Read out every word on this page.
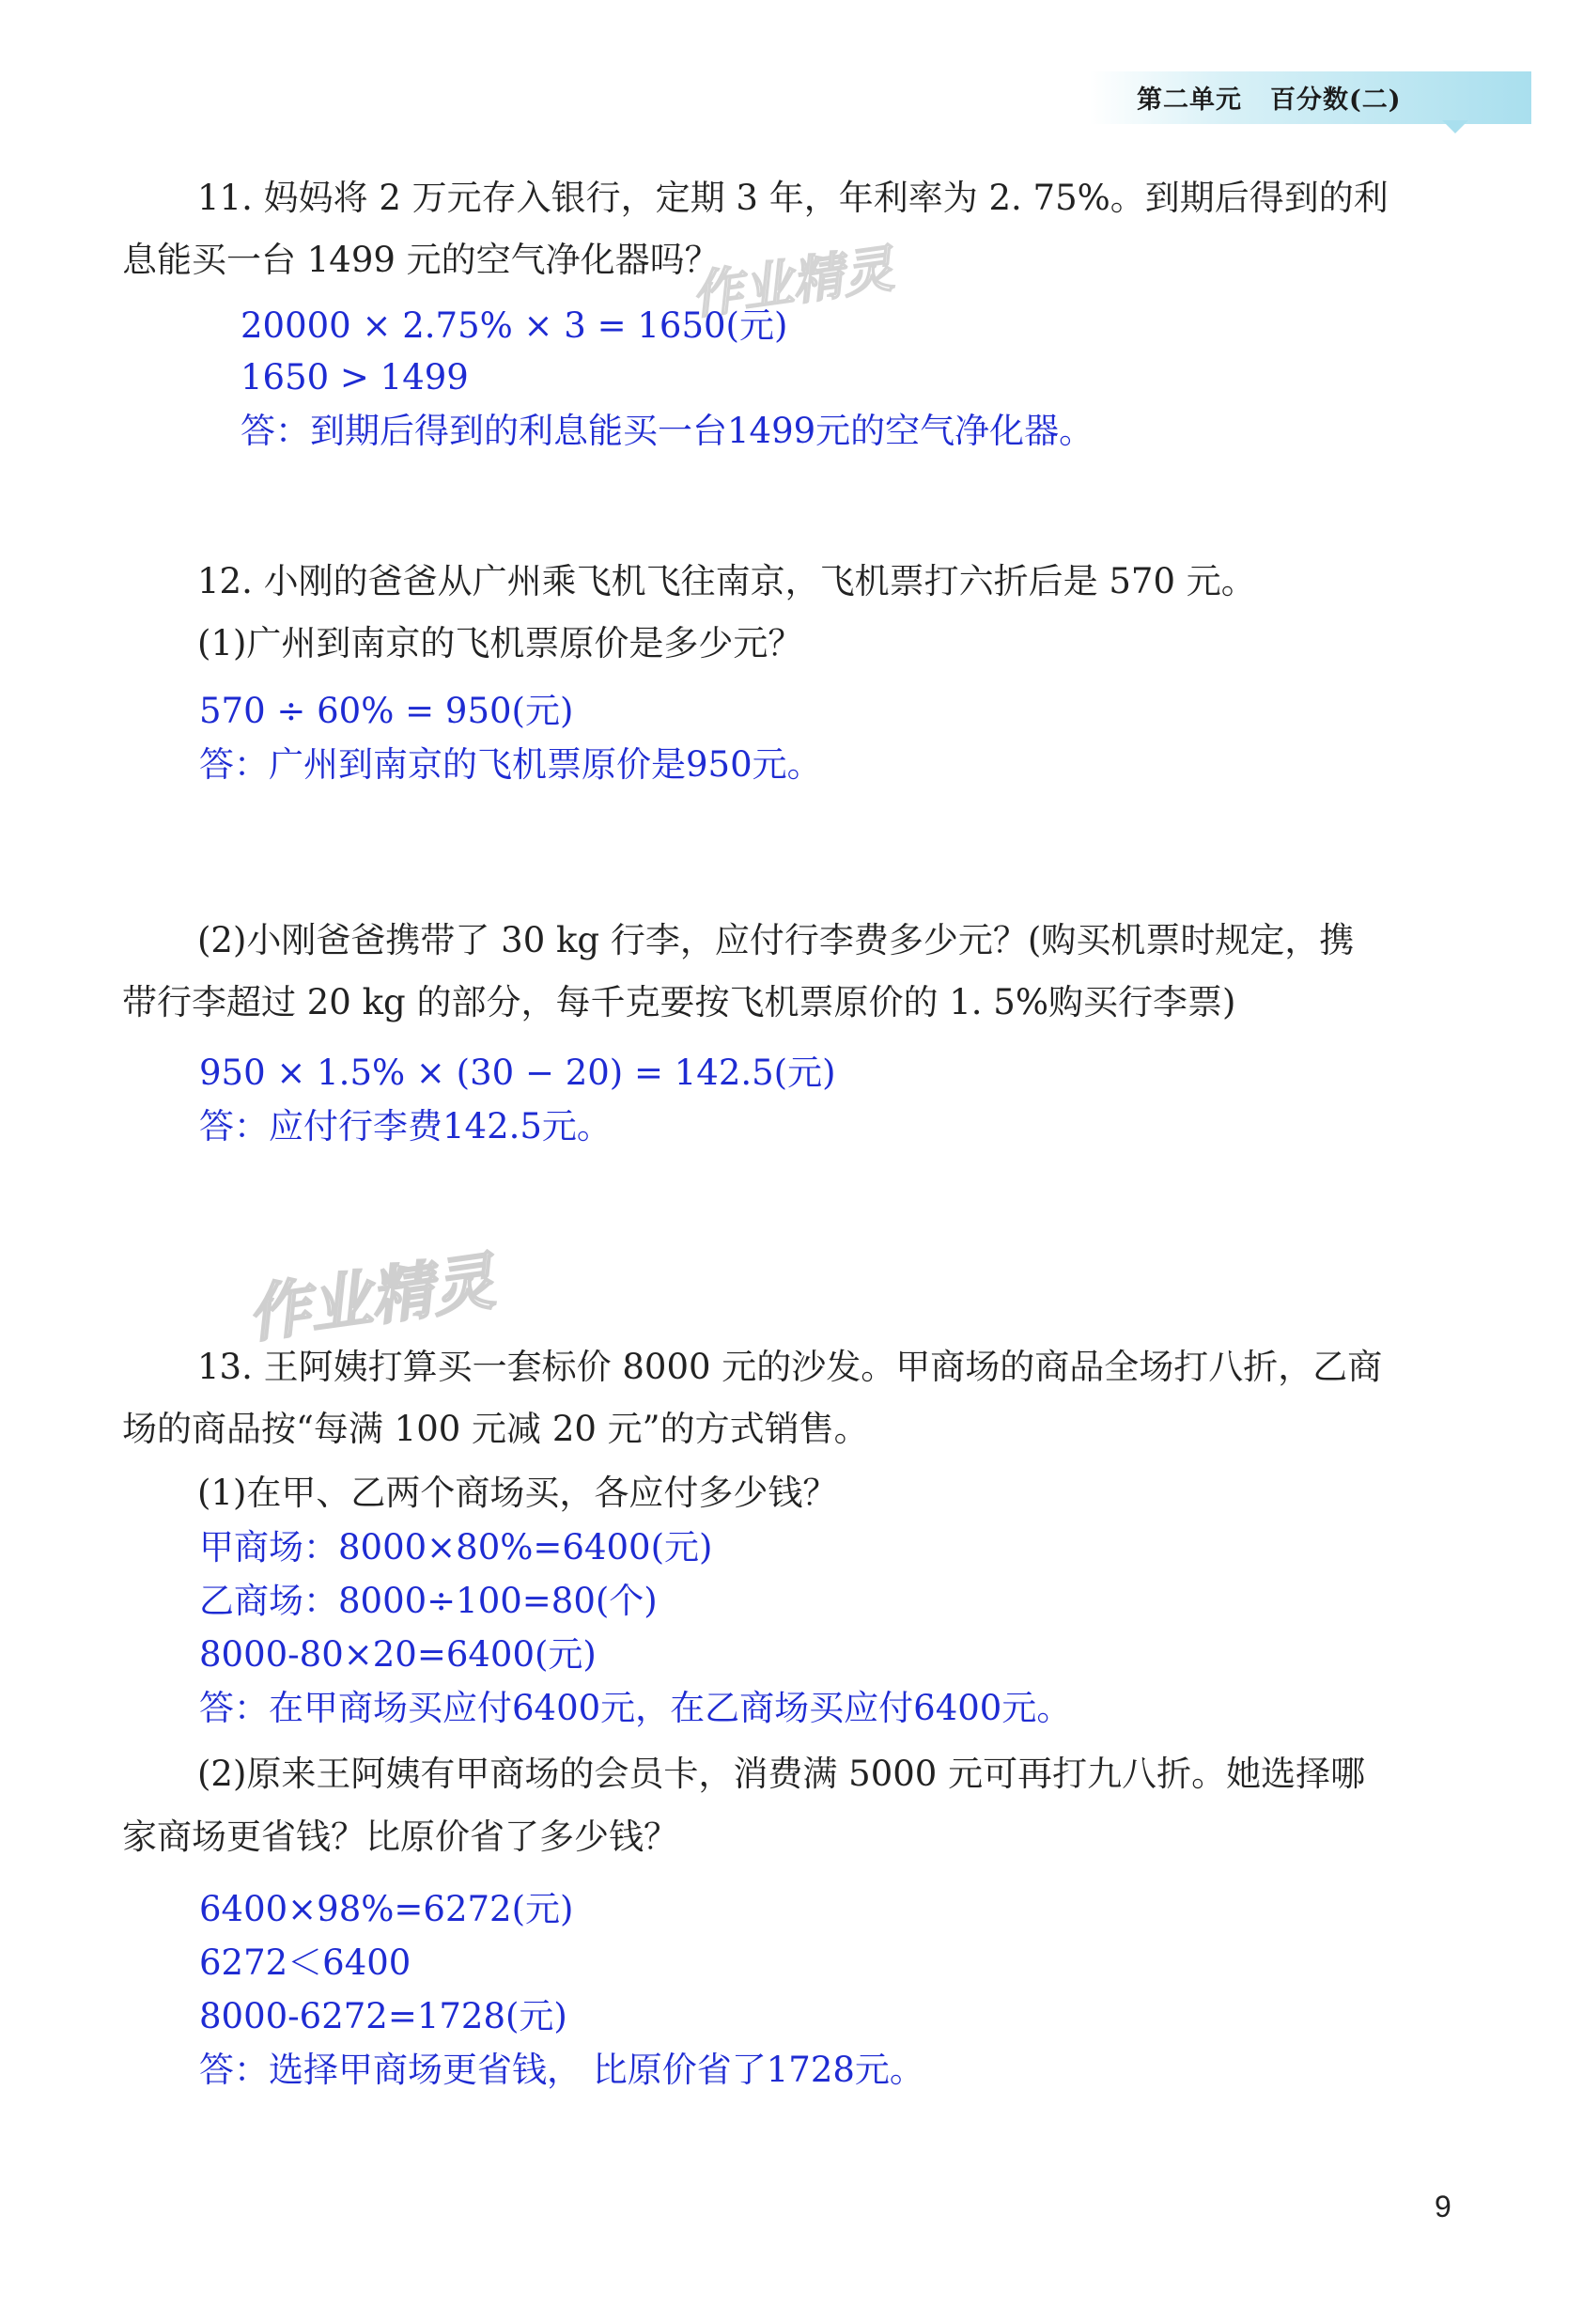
第二单元 百分数(二)
作业精灵
作业精灵
11. 妈妈将 2 万元存入银行，定期 3 年，年利率为 2. 75%。到期后得到的利
息能买一台 1499 元的空气净化器吗？
20000 × 2.75% × 3 = 1650(元)
1650 > 1499
答：到期后得到的利息能买一台1499元的空气净化器。
12. 小刚的爸爸从广州乘飞机飞往南京，飞机票打六折后是 570 元。
(1)广州到南京的飞机票原价是多少元？
570 ÷ 60% = 950(元)
答：广州到南京的飞机票原价是950元。
(2)小刚爸爸携带了 30 kg 行李，应付行李费多少元？(购买机票时规定，携
带行李超过 20 kg 的部分，每千克要按飞机票原价的 1. 5%购买行李票)
950 × 1.5% × (30 − 20) = 142.5(元)
答：应付行李费142.5元。
13. 王阿姨打算买一套标价 8000 元的沙发。甲商场的商品全场打八折，乙商
场的商品按“每满 100 元减 20 元”的方式销售。
(1)在甲、乙两个商场买，各应付多少钱？
甲商场：8000×80%=6400(元)
乙商场：8000÷100=80(个)
8000-80×20=6400(元)
答：在甲商场买应付6400元，在乙商场买应付6400元。
(2)原来王阿姨有甲商场的会员卡，消费满 5000 元可再打九八折。她选择哪
家商场更省钱？比原价省了多少钱？
6400×98%=6272(元)
6272＜6400
8000-6272=1728(元)
答：选择甲商场更省钱， 比原价省了1728元。
9
